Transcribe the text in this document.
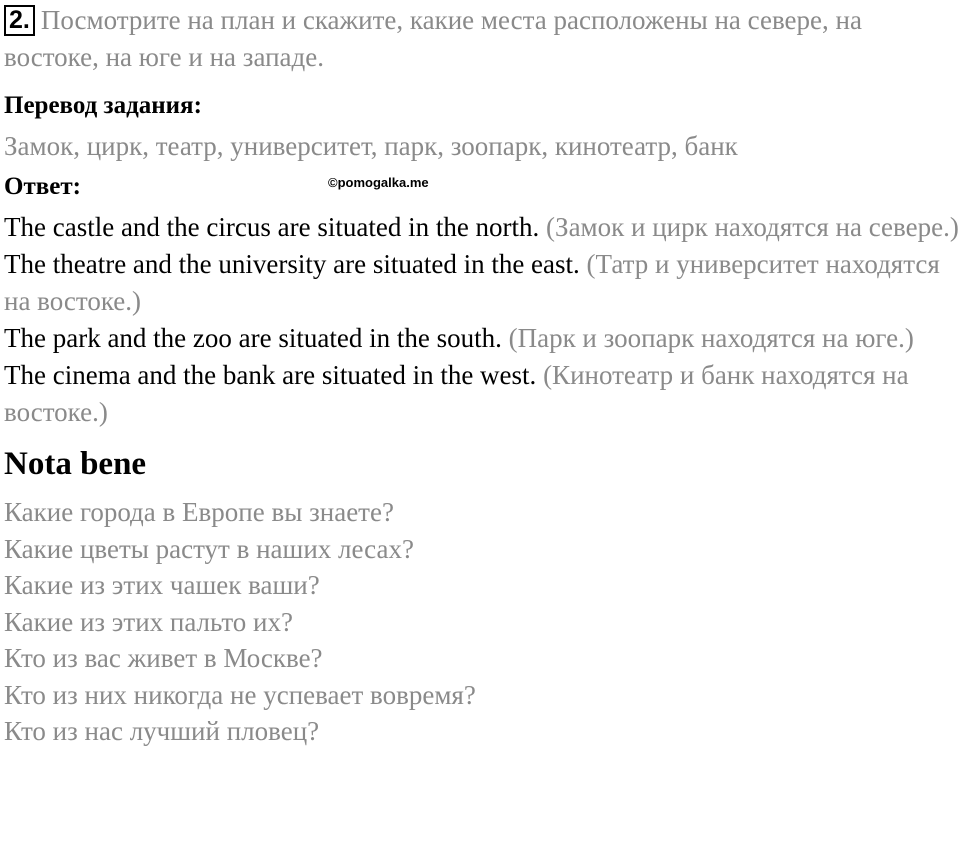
2. Посмотрите на план и скажите, какие места расположены на севере, на востоке, на юге и на западе.

Перевод задания:

Замок, цирк, театр, университет, парк, зоопарк, кинотеатр, банк

Ответ:	©pomogalka.me

The castle and the circus are situated in the north. (Замок и цирк находятся на севере.)

The theatre and the university are situated in the east. (Татр и университет находятся на востоке.)

The park and the zoo are situated in the south. (Парк и зоопарк находятся на юге.)

The cinema and the bank are situated in the west. (Кинотеатр и банк находятся на востоке.)

Nota bene

Какие города в Европе вы знаете?

Какие цветы растут в наших лесах?

Какие из этих чашек ваши?

Какие из этих пальто их?

Кто из вас живет в Москве?

Кто из них никогда не успевает вовремя?

Кто из нас лучший пловец?
